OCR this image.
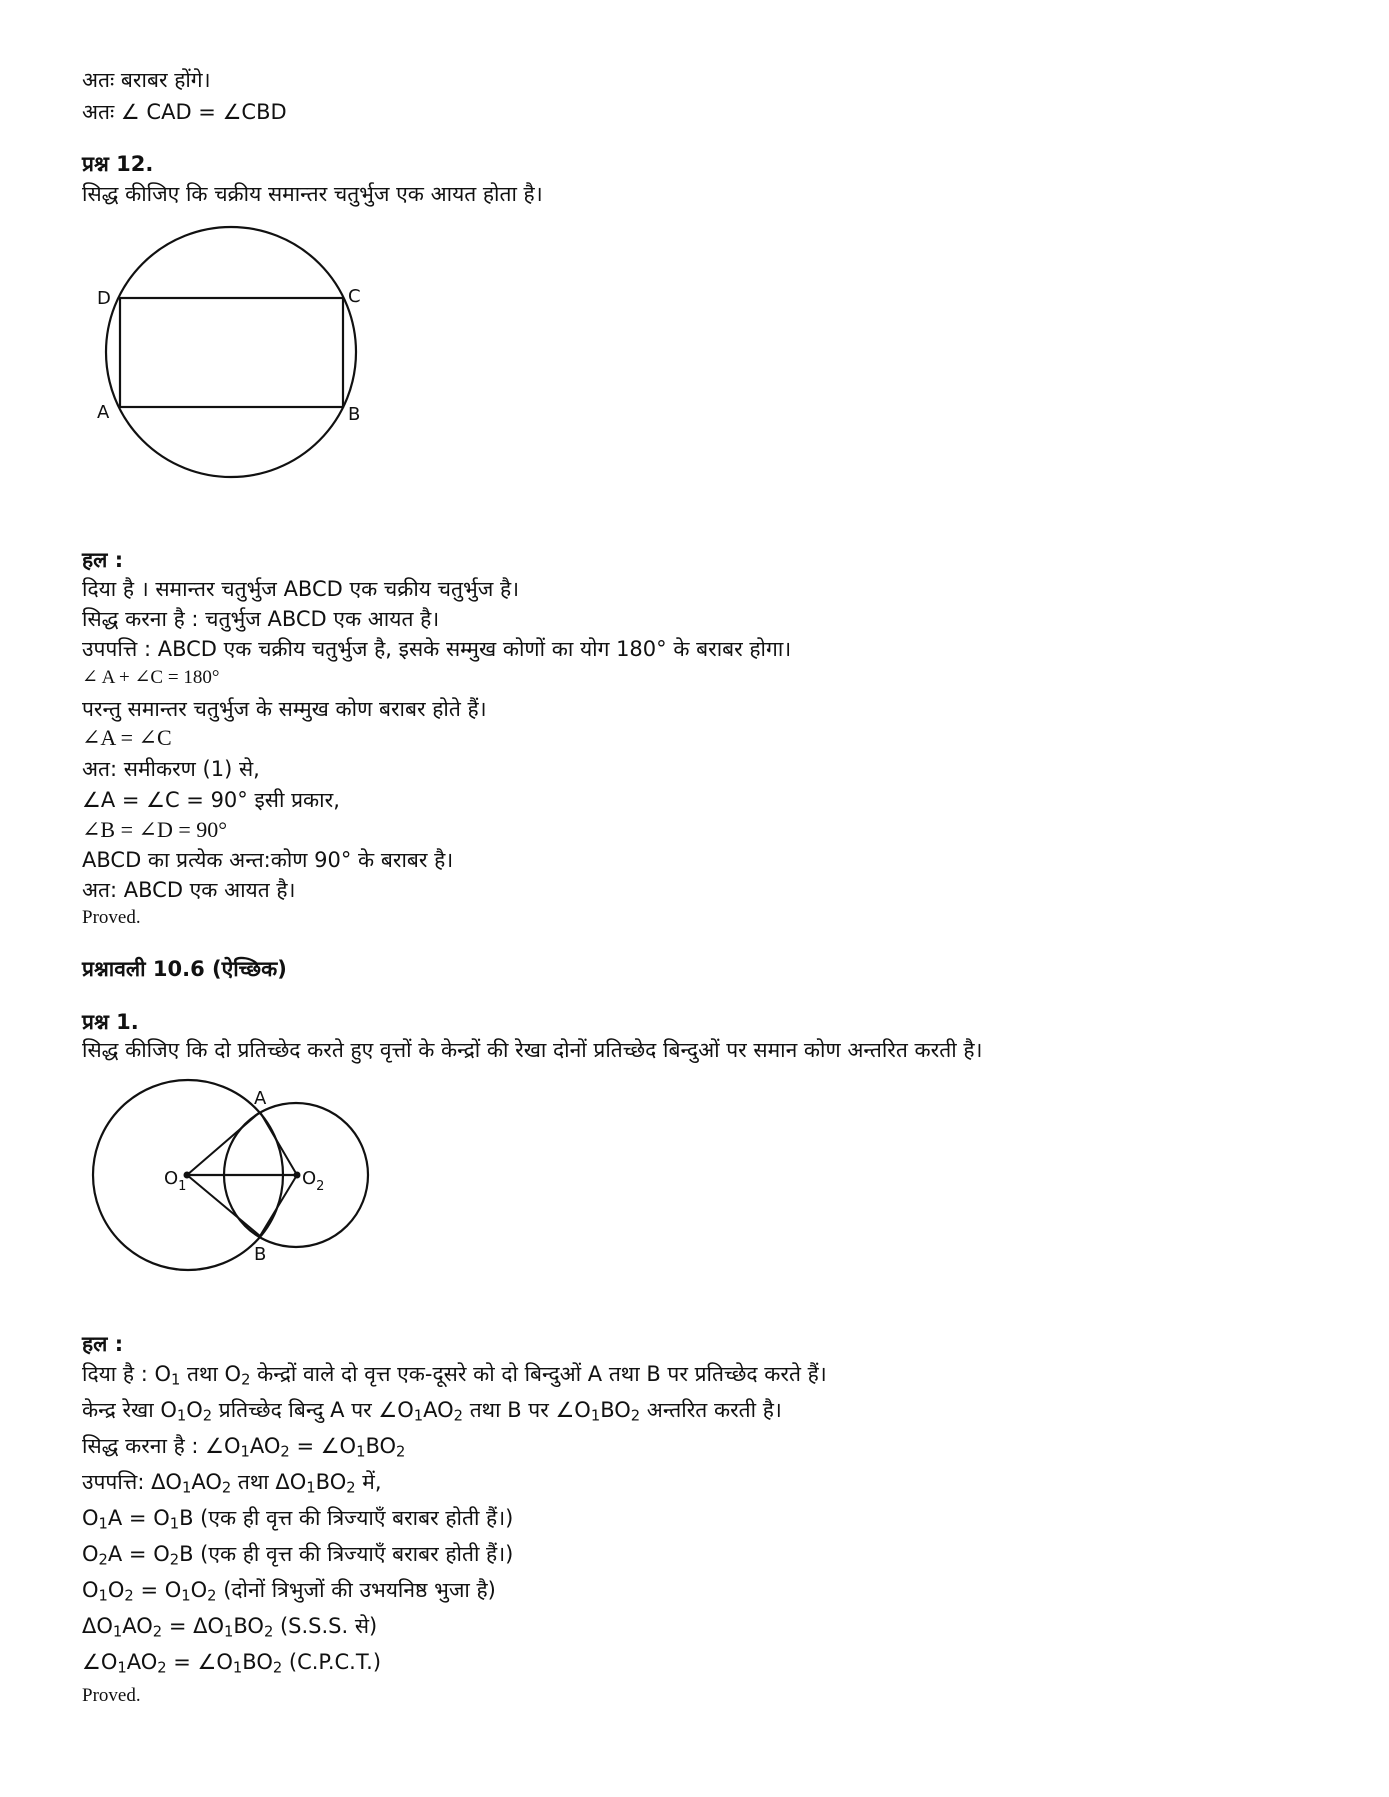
अतः बराबर होंगे।
अतः ∠ CAD = ∠CBD
प्रश्न 12.
सिद्ध कीजिए कि चक्रीय समान्तर चतुर्भुज एक आयत होता है।
D	C
A	B
हल :
दिया है । समान्तर चतुर्भुज ABCD एक चक्रीय चतुर्भुज है।
सिद्ध करना है : चतुर्भुज ABCD एक आयत है।
उपपत्ति : ABCD एक चक्रीय चतुर्भुज है, इसके सम्मुख कोणों का योग 180° के बराबर होगा।
∠ A + ∠C = 180°
परन्तु समान्तर चतुर्भुज के सम्मुख कोण बराबर होते हैं।
∠A = ∠C
अत: समीकरण (1) से,
∠A = ∠C = 90° इसी प्रकार,
∠B = ∠D = 90°
ABCD का प्रत्येक अन्त:कोण 90° के बराबर है।
अत: ABCD एक आयत है।
Proved.
प्रश्नावली 10.6 (ऐच्छिक)
प्रश्न 1.
सिद्ध कीजिए कि दो प्रतिच्छेद करते हुए वृत्तों के केन्द्रों की रेखा दोनों प्रतिच्छेद बिन्दुओं पर समान कोण अन्तरित करती है।
A
B
$O_1$	$O_2$
हल :
दिया है : $O_1$ तथा $O_2$ केन्द्रों वाले दो वृत्त एक-दूसरे को दो बिन्दुओं A तथा B पर प्रतिच्छेद करते हैं।
केन्द्र रेखा $O_1O_2$ प्रतिच्छेद बिन्दु A पर $\angle O_1AO_2$ तथा B पर $\angle O_1BO_2$ अन्तरित करती है।
सिद्ध करना है : $\angle O_1AO_2$ = $\angle O_1BO_2$
उपपत्ति: $\Delta O_1AO_2$ तथा $\Delta O_1BO_2$ में,
$O_1A = O_1B$ (एक ही वृत्त की त्रिज्याएँ बराबर होती हैं।)
$O_2A = O_2B$ (एक ही वृत्त की त्रिज्याएँ बराबर होती हैं।)
$O_1O_2 = O_1O_2$ (दोनों त्रिभुजों की उभयनिष्ठ भुजा है)
$\Delta O_1AO_2 = \Delta O_1BO_2$ (S.S.S. से)
$\angle O_1AO_2$ = $\angle O_1BO_2$ (C.P.C.T.)
Proved.
